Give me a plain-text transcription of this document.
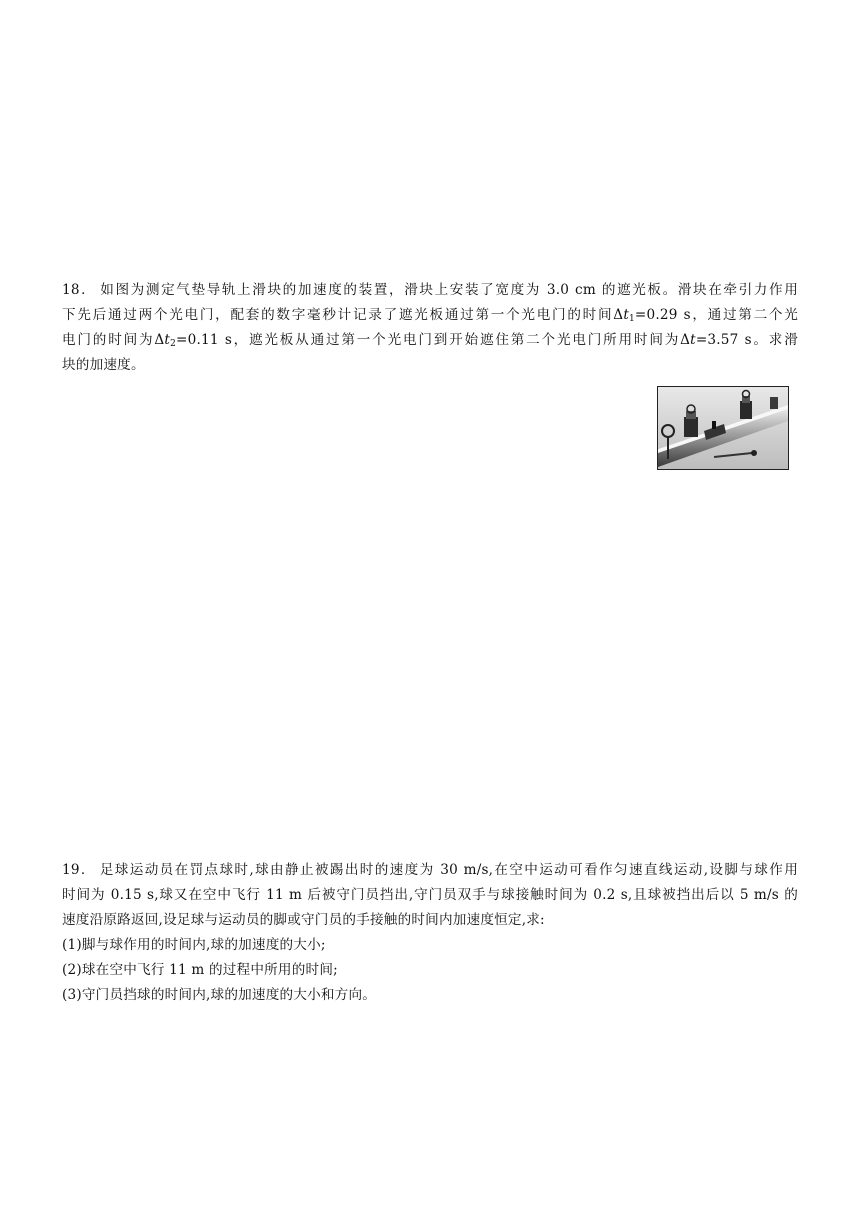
18． 如图为测定气垫导轨上滑块的加速度的装置，滑块上安装了宽度为 3.0 cm 的遮光板。滑块在牵引力作用
下先后通过两个光电门，配套的数字毫秒计记录了遮光板通过第一个光电门的时间$\Delta t_1=0.29$ s，通过第二个光
电门的时间为$\Delta t_2=0.11$ s，遮光板从通过第一个光电门到开始遮住第二个光电门所用时间为Δt=3.57 s。求滑
块的加速度。
19． 足球运动员在罚点球时,球由静止被踢出时的速度为 30 m/s,在空中运动可看作匀速直线运动,设脚与球作用
时间为 0.15 s,球又在空中飞行 11 m 后被守门员挡出,守门员双手与球接触时间为 0.2 s,且球被挡出后以 5 m/s 的
速度沿原路返回,设足球与运动员的脚或守门员的手接触的时间内加速度恒定,求:
(1)脚与球作用的时间内,球的加速度的大小;
(2)球在空中飞行 11 m 的过程中所用的时间;
(3)守门员挡球的时间内,球的加速度的大小和方向。
